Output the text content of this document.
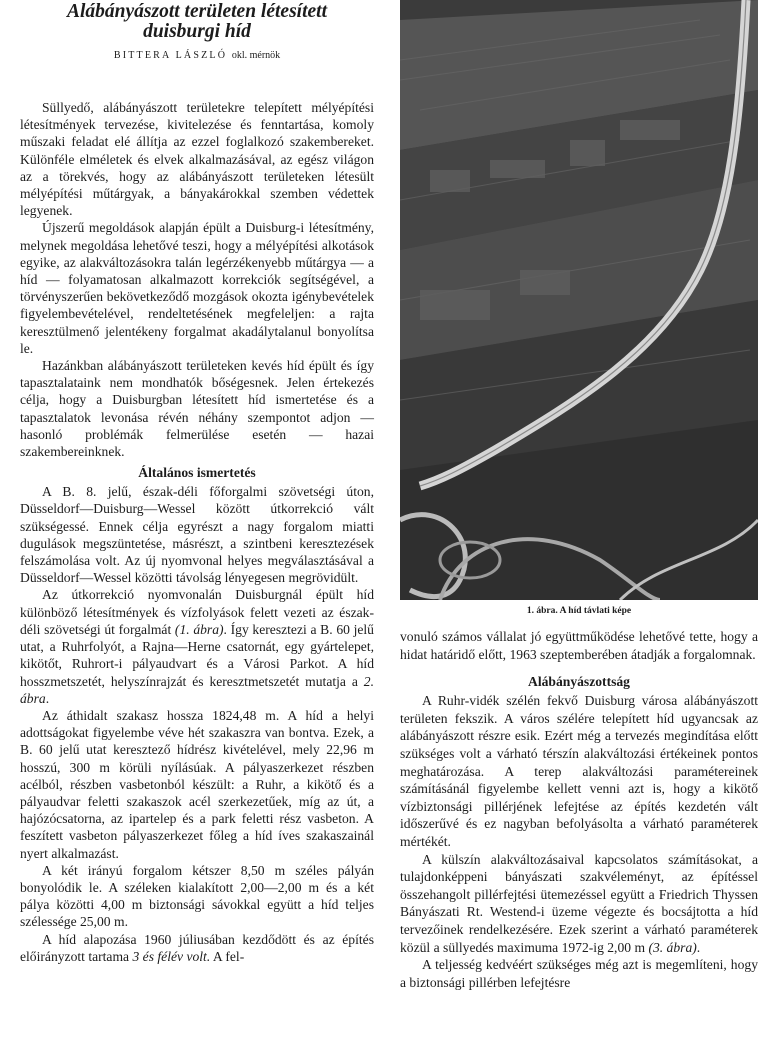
Alábányászott területen létesített
duisburgi híd
BITTERA LÁSZLÓ okl. mérnök

Süllyedő, alábányászott területekre telepített mélyépítési létesítmények tervezése, kivitelezése és fenntartása, komoly műszaki feladat elé állítja az ezzel foglalkozó szakembereket. Különféle elméletek és elvek alkalmazásával, az egész világon az a törekvés, hogy az alábányászott területeken létesült mélyépítési műtárgyak, a bányakárokkal szemben védettek legyenek.

Újszerű megoldások alapján épült a Duisburg-i létesítmény, melynek megoldása lehetővé teszi, hogy a mélyépítési alkotások egyike, az alakváltozásokra talán legérzékenyebb műtárgya — a híd — folyamatosan alkalmazott korrekciók segítségével, a törvényszerűen bekövetkeződő mozgások okozta igénybevételek figyelembevételével, rendeltetésének megfeleljen: a rajta keresztülmenő jelentékeny forgalmat akadálytalanul bonyolítsa le.

Hazánkban alábányászott területeken kevés híd épült és így tapasztalataink nem mondhatók bőségesnek. Jelen értekezés célja, hogy a Duisburgban létesített híd ismertetése és a tapasztalatok levonása révén néhány szempontot adjon — hasonló problémák felmerülése esetén — hazai szakembereinknek.

Általános ismertetés

A B. 8. jelű, észak-déli főforgalmi szövetségi úton, Düsseldorf—Duisburg—Wessel között útkorrekció vált szükségessé. Ennek célja egyrészt a nagy forgalom miatti dugulások megszüntetése, másrészt, a szintbeni keresztezések felszámolása volt. Az új nyomvonal helyes megválasztásával a Düsseldorf—Wessel közötti távolság lényegesen megrövidült.

Az útkorrekció nyomvonalán Duisburgnál épült híd különböző létesítmények és vízfolyások felett vezeti az észak-déli szövetségi út forgalmát (1. ábra). Így keresztezi a B. 60 jelű utat, a Ruhrfolyót, a Rajna—Herne csatornát, egy gyártelepet, kikötőt, Ruhrort-i pályaudvart és a Városi Parkot. A híd hosszmetszetét, helyszínrajzát és keresztmetszetét mutatja a 2. ábra.

Az áthidalt szakasz hossza 1824,48 m. A híd a helyi adottságokat figyelembe véve hét szakaszra van bontva. Ezek, a B. 60 jelű utat keresztező hídrész kivételével, mely 22,96 m hosszú, 300 m körüli nyílásúak. A pályaszerkezet részben acélból, részben vasbetonból készült: a Ruhr, a kikötő és a pályaudvar feletti szakaszok acél szerkezetűek, míg az út, a hajózócsatorna, az ipartelep és a park feletti rész vasbeton. A feszített vasbeton pályaszerkezet főleg a híd íves szakaszainál nyert alkalmazást.

A két irányú forgalom kétszer 8,50 m széles pályán bonyolódik le. A széleken kialakított 2,00—2,00 m és a két pálya közötti 4,00 m biztonsági sávokkal együtt a híd teljes szélessége 25,00 m.

A híd alapozása 1960 júliusában kezdődött és az építés előirányzott tartama 3 és félév volt. A fel-

1. ábra. A híd távlati képe

vonuló számos vállalat jó együttműködése lehetővé tette, hogy a hidat határidő előtt, 1963 szeptemberében átadják a forgalomnak.

Alábányászottság

A Ruhr-vidék szélén fekvő Duisburg városa alábányászott területen fekszik. A város szélére telepített híd ugyancsak az alábányászott részre esik. Ezért még a tervezés megindítása előtt szükséges volt a várható térszín alakváltozási értékeinek pontos meghatározása. A terep alakváltozási paramétereinek számításánál figyelembe kellett venni azt is, hogy a kikötő vízbiztonsági pillérjének lefejtése az építés kezdetén vált időszerűvé és ez nagyban befolyásolta a várható paraméterek mértékét.

A külszín alakváltozásaival kapcsolatos számításokat, a tulajdonképpeni bányászati szakvéleményt, az építéssel összehangolt pillérfejtési ütemezéssel együtt a Friedrich Thyssen Bányászati Rt. Westend-i üzeme végezte és bocsájtotta a híd tervezőinek rendelkezésére. Ezek szerint a várható paraméterek közül a süllyedés maximuma 1972-ig 2,00 m (3. ábra).

A teljesség kedvéért szükséges még azt is megemlíteni, hogy a biztonsági pillérben lefejtésre
